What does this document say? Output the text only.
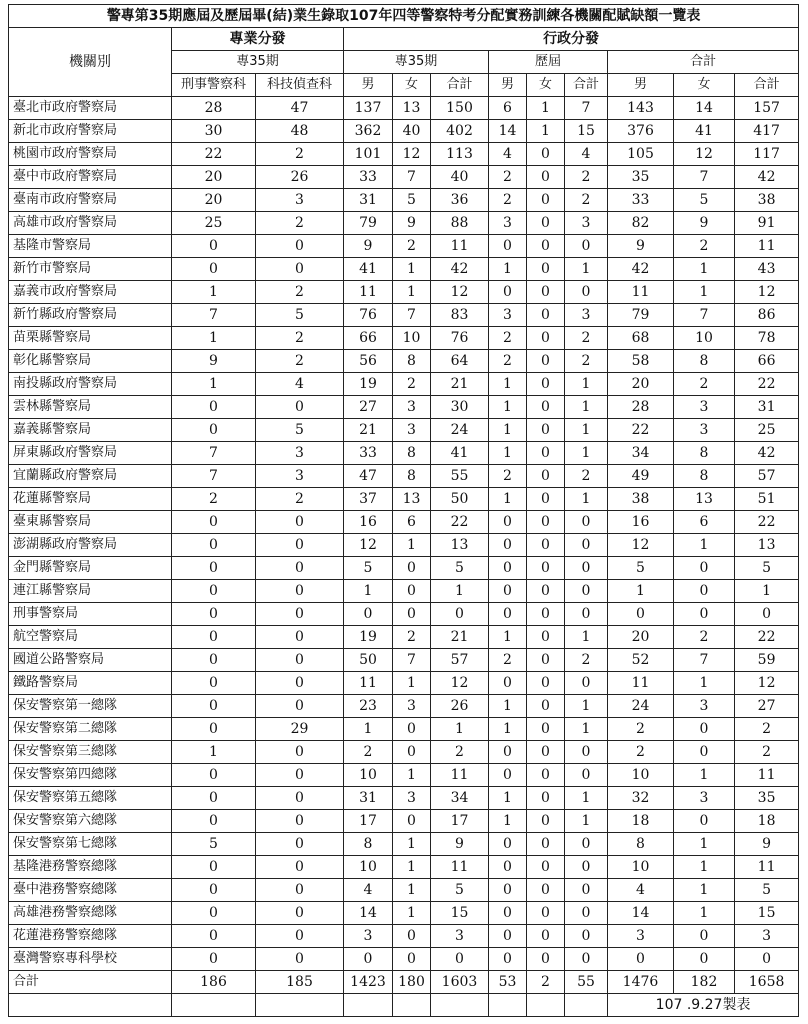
警專第35期應屆及歷屆畢(結)業生錄取107年四等警察特考分配實務訓練各機關配賦缺額一覽表											
機關別	專業分發		行政分發								
	專35期		專35期			歷屆			合計		
	刑事警察科	科技偵查科	男	女	合計	男	女	合計	男	女	合計
臺北市政府警察局	28	47	137	13	150	6	1	7	143	14	157
新北市政府警察局	30	48	362	40	402	14	1	15	376	41	417
桃園市政府警察局	22	2	101	12	113	4	0	4	105	12	117
臺中市政府警察局	20	26	33	7	40	2	0	2	35	7	42
臺南市政府警察局	20	3	31	5	36	2	0	2	33	5	38
高雄市政府警察局	25	2	79	9	88	3	0	3	82	9	91
基隆市警察局	0	0	9	2	11	0	0	0	9	2	11
新竹市警察局	0	0	41	1	42	1	0	1	42	1	43
嘉義市政府警察局	1	2	11	1	12	0	0	0	11	1	12
新竹縣政府警察局	7	5	76	7	83	3	0	3	79	7	86
苗栗縣警察局	1	2	66	10	76	2	0	2	68	10	78
彰化縣警察局	9	2	56	8	64	2	0	2	58	8	66
南投縣政府警察局	1	4	19	2	21	1	0	1	20	2	22
雲林縣警察局	0	0	27	3	30	1	0	1	28	3	31
嘉義縣警察局	0	5	21	3	24	1	0	1	22	3	25
屏東縣政府警察局	7	3	33	8	41	1	0	1	34	8	42
宜蘭縣政府警察局	7	3	47	8	55	2	0	2	49	8	57
花蓮縣警察局	2	2	37	13	50	1	0	1	38	13	51
臺東縣警察局	0	0	16	6	22	0	0	0	16	6	22
澎湖縣政府警察局	0	0	12	1	13	0	0	0	12	1	13
金門縣警察局	0	0	5	0	5	0	0	0	5	0	5
連江縣警察局	0	0	1	0	1	0	0	0	1	0	1
刑事警察局	0	0	0	0	0	0	0	0	0	0	0
航空警察局	0	0	19	2	21	1	0	1	20	2	22
國道公路警察局	0	0	50	7	57	2	0	2	52	7	59
鐵路警察局	0	0	11	1	12	0	0	0	11	1	12
保安警察第一總隊	0	0	23	3	26	1	0	1	24	3	27
保安警察第二總隊	0	29	1	0	1	1	0	1	2	0	2
保安警察第三總隊	1	0	2	0	2	0	0	0	2	0	2
保安警察第四總隊	0	0	10	1	11	0	0	0	10	1	11
保安警察第五總隊	0	0	31	3	34	1	0	1	32	3	35
保安警察第六總隊	0	0	17	0	17	1	0	1	18	0	18
保安警察第七總隊	5	0	8	1	9	0	0	0	8	1	9
基隆港務警察總隊	0	0	10	1	11	0	0	0	10	1	11
臺中港務警察總隊	0	0	4	1	5	0	0	0	4	1	5
高雄港務警察總隊	0	0	14	1	15	0	0	0	14	1	15
花蓮港務警察總隊	0	0	3	0	3	0	0	0	3	0	3
臺灣警察專科學校	0	0	0	0	0	0	0	0	0	0	0
合計	186	185	1423	180	1603	53	2	55	1476	182	1658
									107 .9.27製表		
